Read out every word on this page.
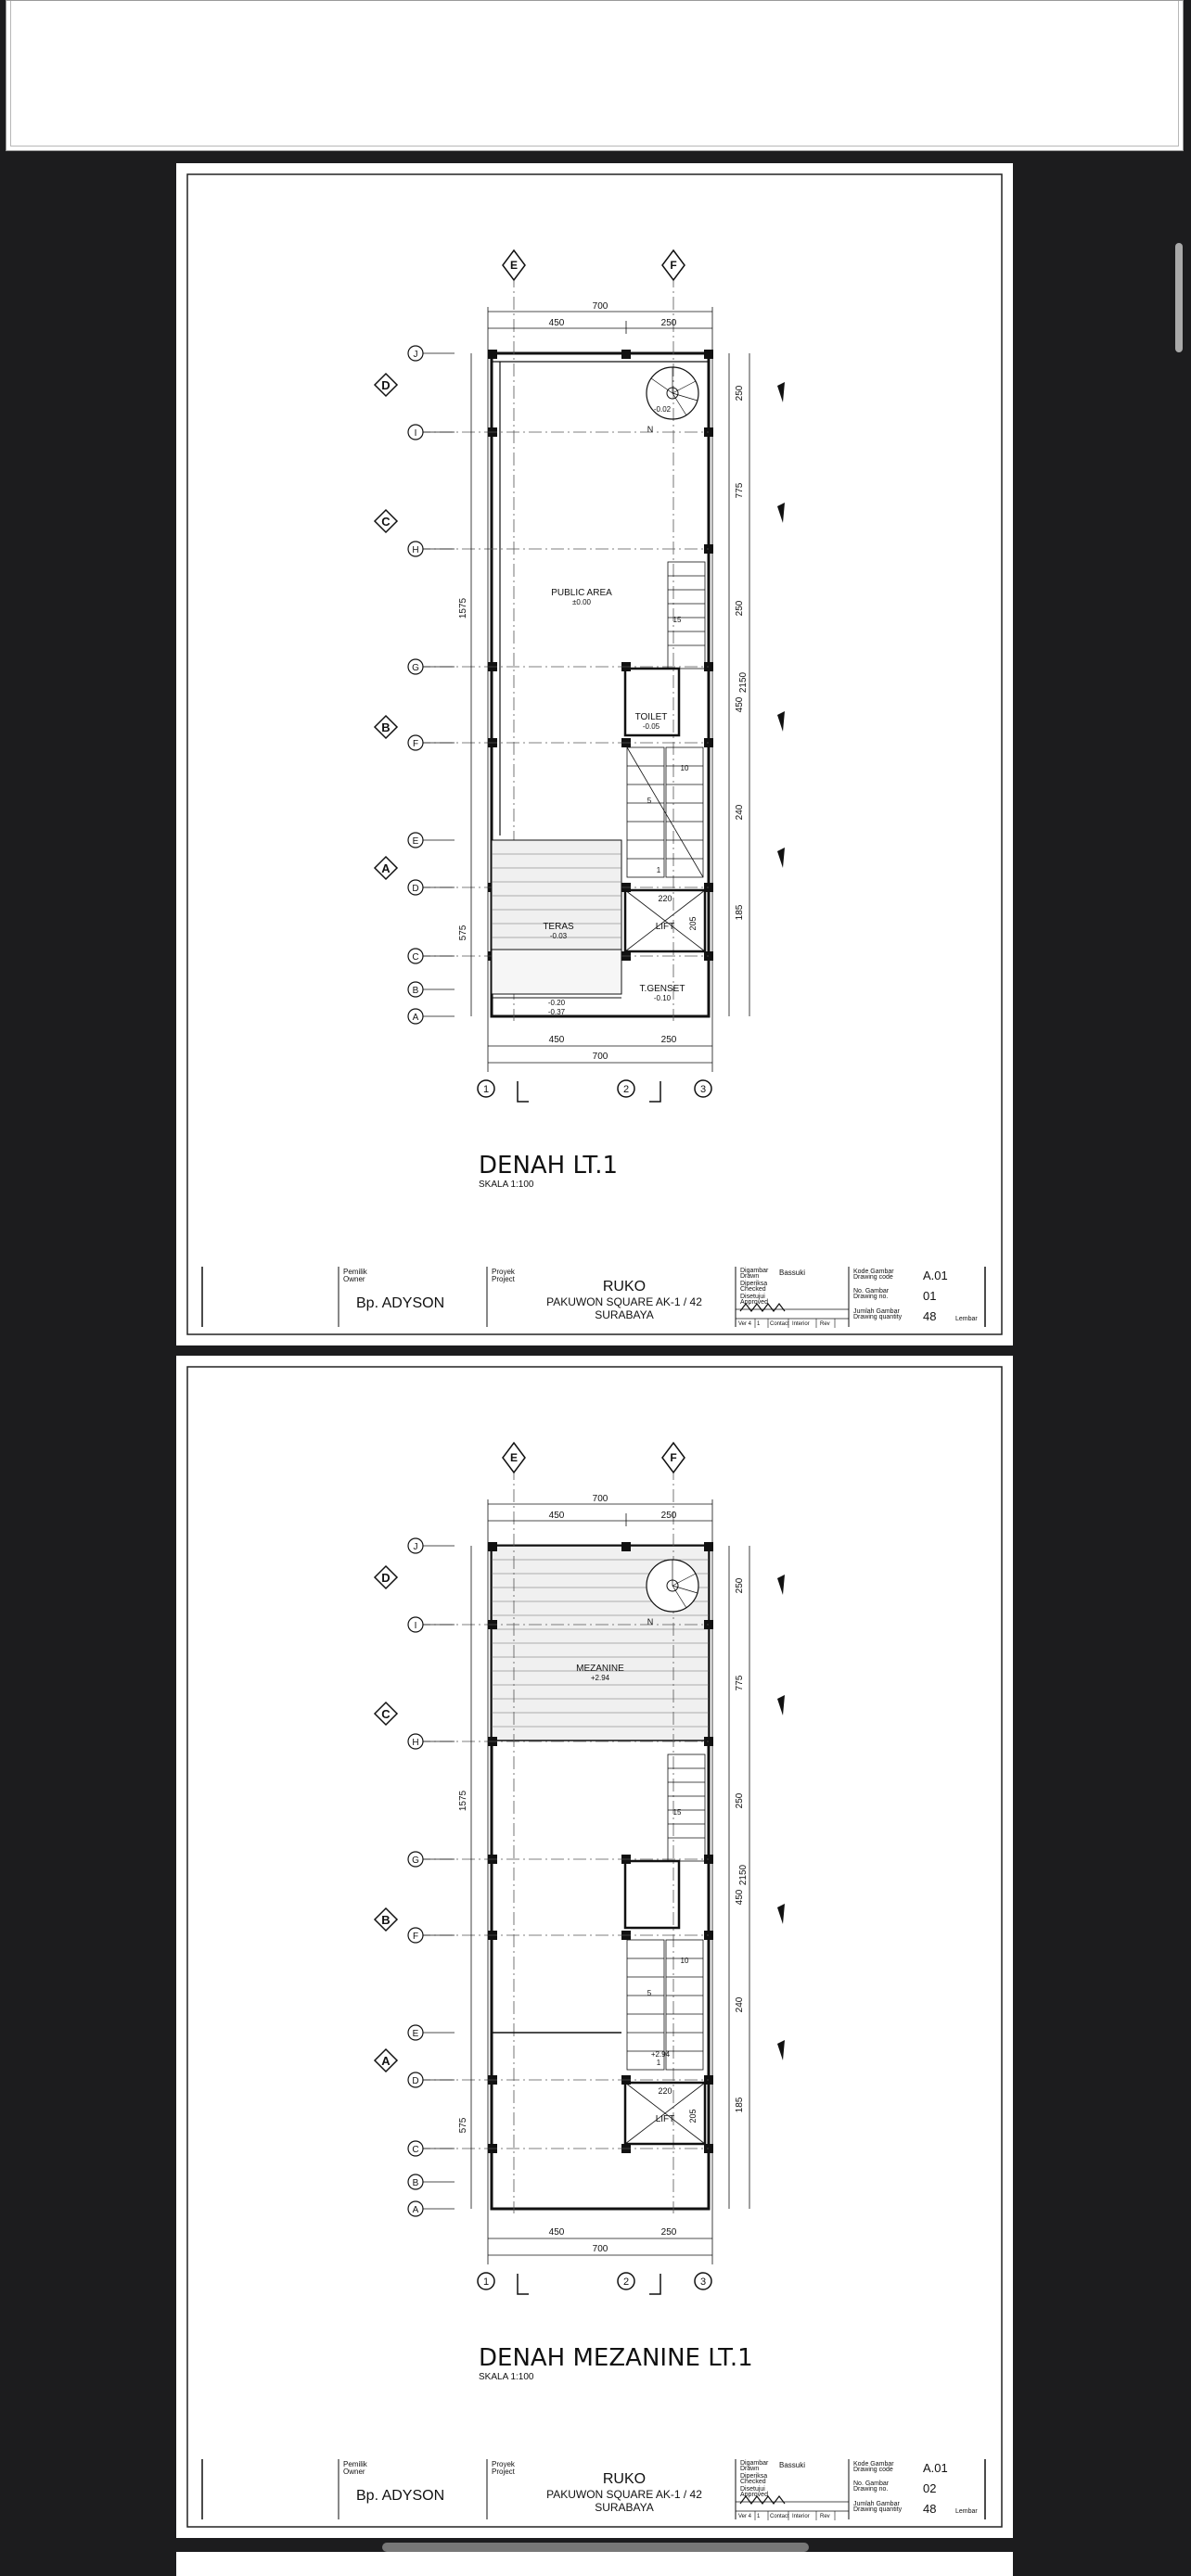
E	F
1	2	3
J
I
H
G
F
E
D
C
B
A
D
C
B
A
700
450	250
450	250
700
250
775
250
450
240
185
2150
1575
575
220
205
15
10
5
1
N
PUBLIC AREA
±0.00
TOILET
-0.05
TERAS
-0.03
LIFT
T.GENSET
-0.10
-0.02
-0.20
-0.37
DENAH LT.1
SKALA 1:100
Pemilik
Owner
Bp. ADYSON
Proyek
Project	RUKO
PAKUWON SQUARE AK-1 / 42
SURABAYA
Digambar
Drawn	Bassuki
Diperiksa
Checked
Disetujui
Approved
Ver 4 1 Contact Interior Rev
Kode Gambar
Drawing code A.01
No. Gambar
Drawing no.	01
Jumlah Gambar
Drawing quantity 48	Lembar
E	F
1	2	3
J
I
H
G
F
E
D
C
B
A
D
C
B
A
700
450	250
450	250
700
250
775
250
450
240
185
2150
1575
575
220
205
15
10
5
1
N
MEZANINE
+2.94
LIFT
+2.94
DENAH MEZANINE LT.1
SKALA 1:100
Pemilik
Owner
Bp. ADYSON
Proyek
Project	RUKO
PAKUWON SQUARE AK-1 / 42
SURABAYA
Digambar
Drawn	Bassuki
Diperiksa
Checked
Disetujui
Approved
Ver 4 1 Contact Interior Rev
Kode Gambar
Drawing code A.01
No. Gambar
Drawing no.	02
Jumlah Gambar
Drawing quantity 48	Lembar
